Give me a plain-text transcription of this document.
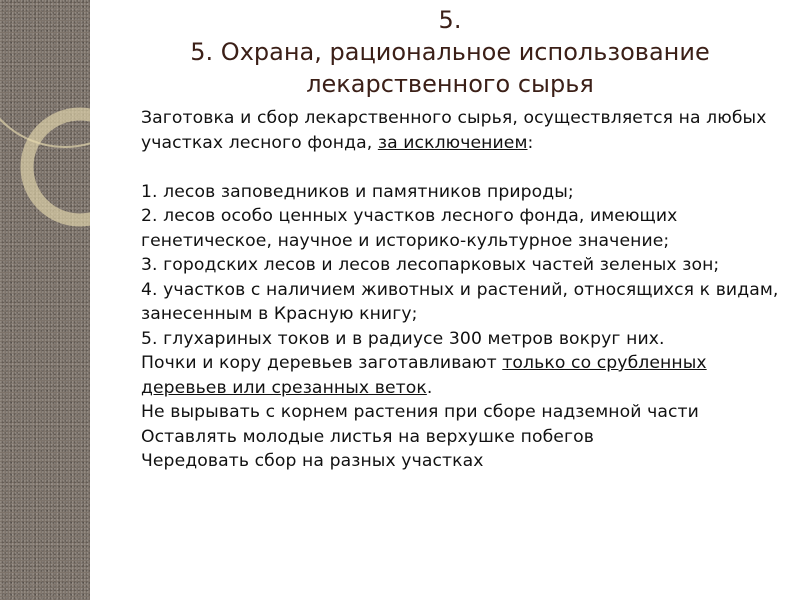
5.
5. Охрана, рациональное использование лекарственного сырья

Заготовка и сбор лекарственного сырья, осуществляется на любых участках лесного фонда, за исключением:

1. лесов заповедников и памятников природы;

2. лесов особо ценных участков лесного фонда, имеющих генетическое, научное и историко-культурное значение;

3. городских лесов и лесов лесопарковых частей зеленых зон;

4. участков с наличием животных и растений, относящихся к видам, занесенным в Красную книгу;

5. глухариных токов и в радиусе 300 метров вокруг них.

Почки и кору деревьев заготавливают только со срубленных деревьев или срезанных веток.

Не вырывать с корнем растения при сборе надземной части

Оставлять молодые листья на верхушке побегов

Чередовать сбор на разных участках
